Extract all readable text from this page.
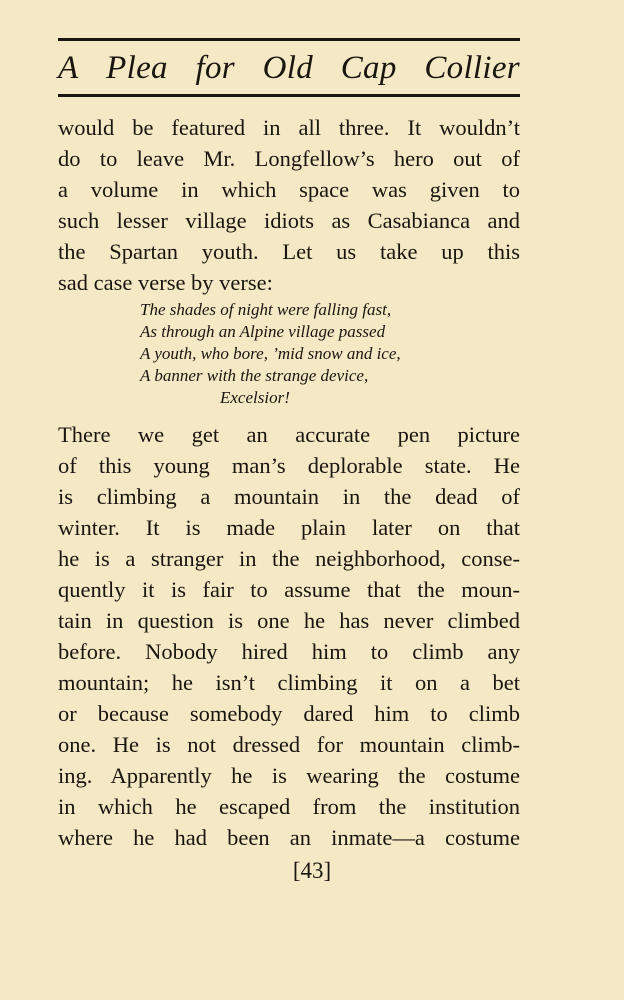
A Plea for Old Cap Collier
would be featured in all three. It wouldn’t
do to leave Mr. Longfellow’s hero out of
a volume in which space was given to
such lesser village idiots as Casabianca and
the Spartan youth. Let us take up this
sad case verse by verse:
The shades of night were falling fast,
As through an Alpine village passed
A youth, who bore, ’mid snow and ice,
A banner with the strange device,
Excelsior!
There we get an accurate pen picture
of this young man’s deplorable state. He
is climbing a mountain in the dead of
winter. It is made plain later on that
he is a stranger in the neighborhood, conse-
quently it is fair to assume that the moun-
tain in question is one he has never climbed
before. Nobody hired him to climb any
mountain; he isn’t climbing it on a bet
or because somebody dared him to climb
one. He is not dressed for mountain climb-
ing. Apparently he is wearing the costume
in which he escaped from the institution
where he had been an inmate—a costume
[43]
